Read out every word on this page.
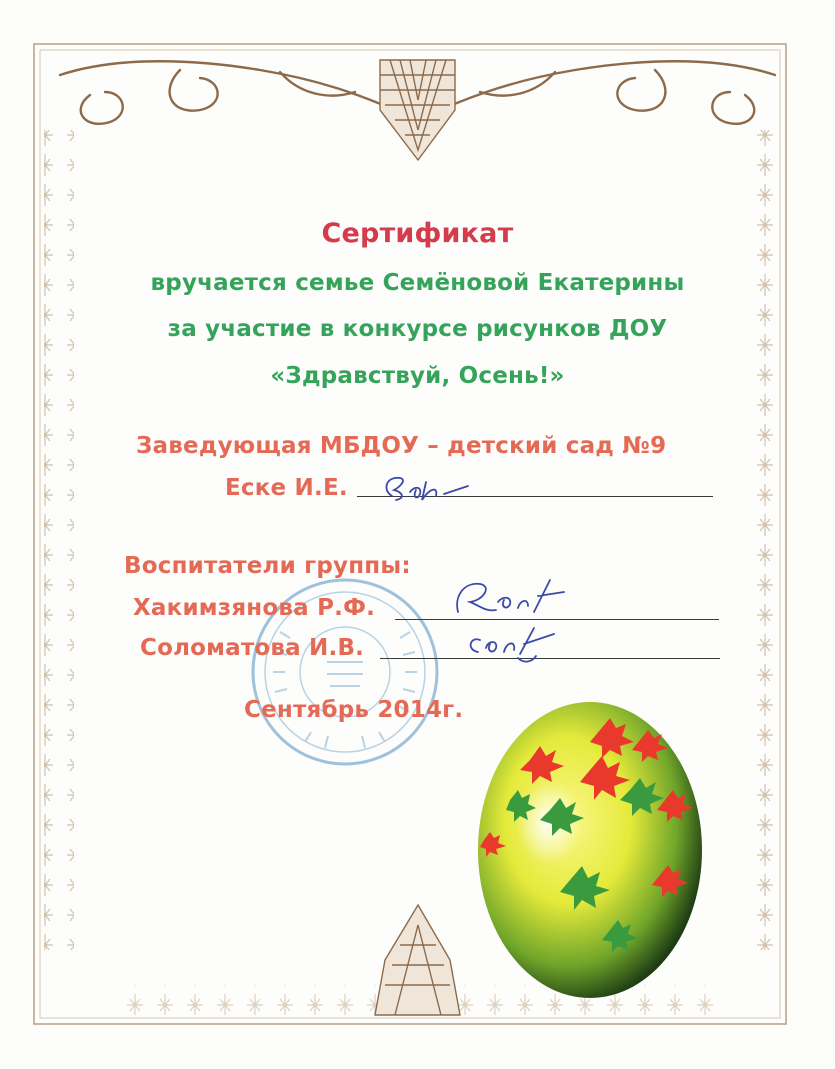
Сертификат
вручается семье Семёновой Екатерины
за участие в конкурсе рисунков ДОУ
«Здравствуй, Осень!»
Заведующая МБДОУ – детский сад №9
Еске И.Е.
Воспитатели группы:
Хакимзянова Р.Ф.
Соломатова И.В.
Сентябрь 2014г.
